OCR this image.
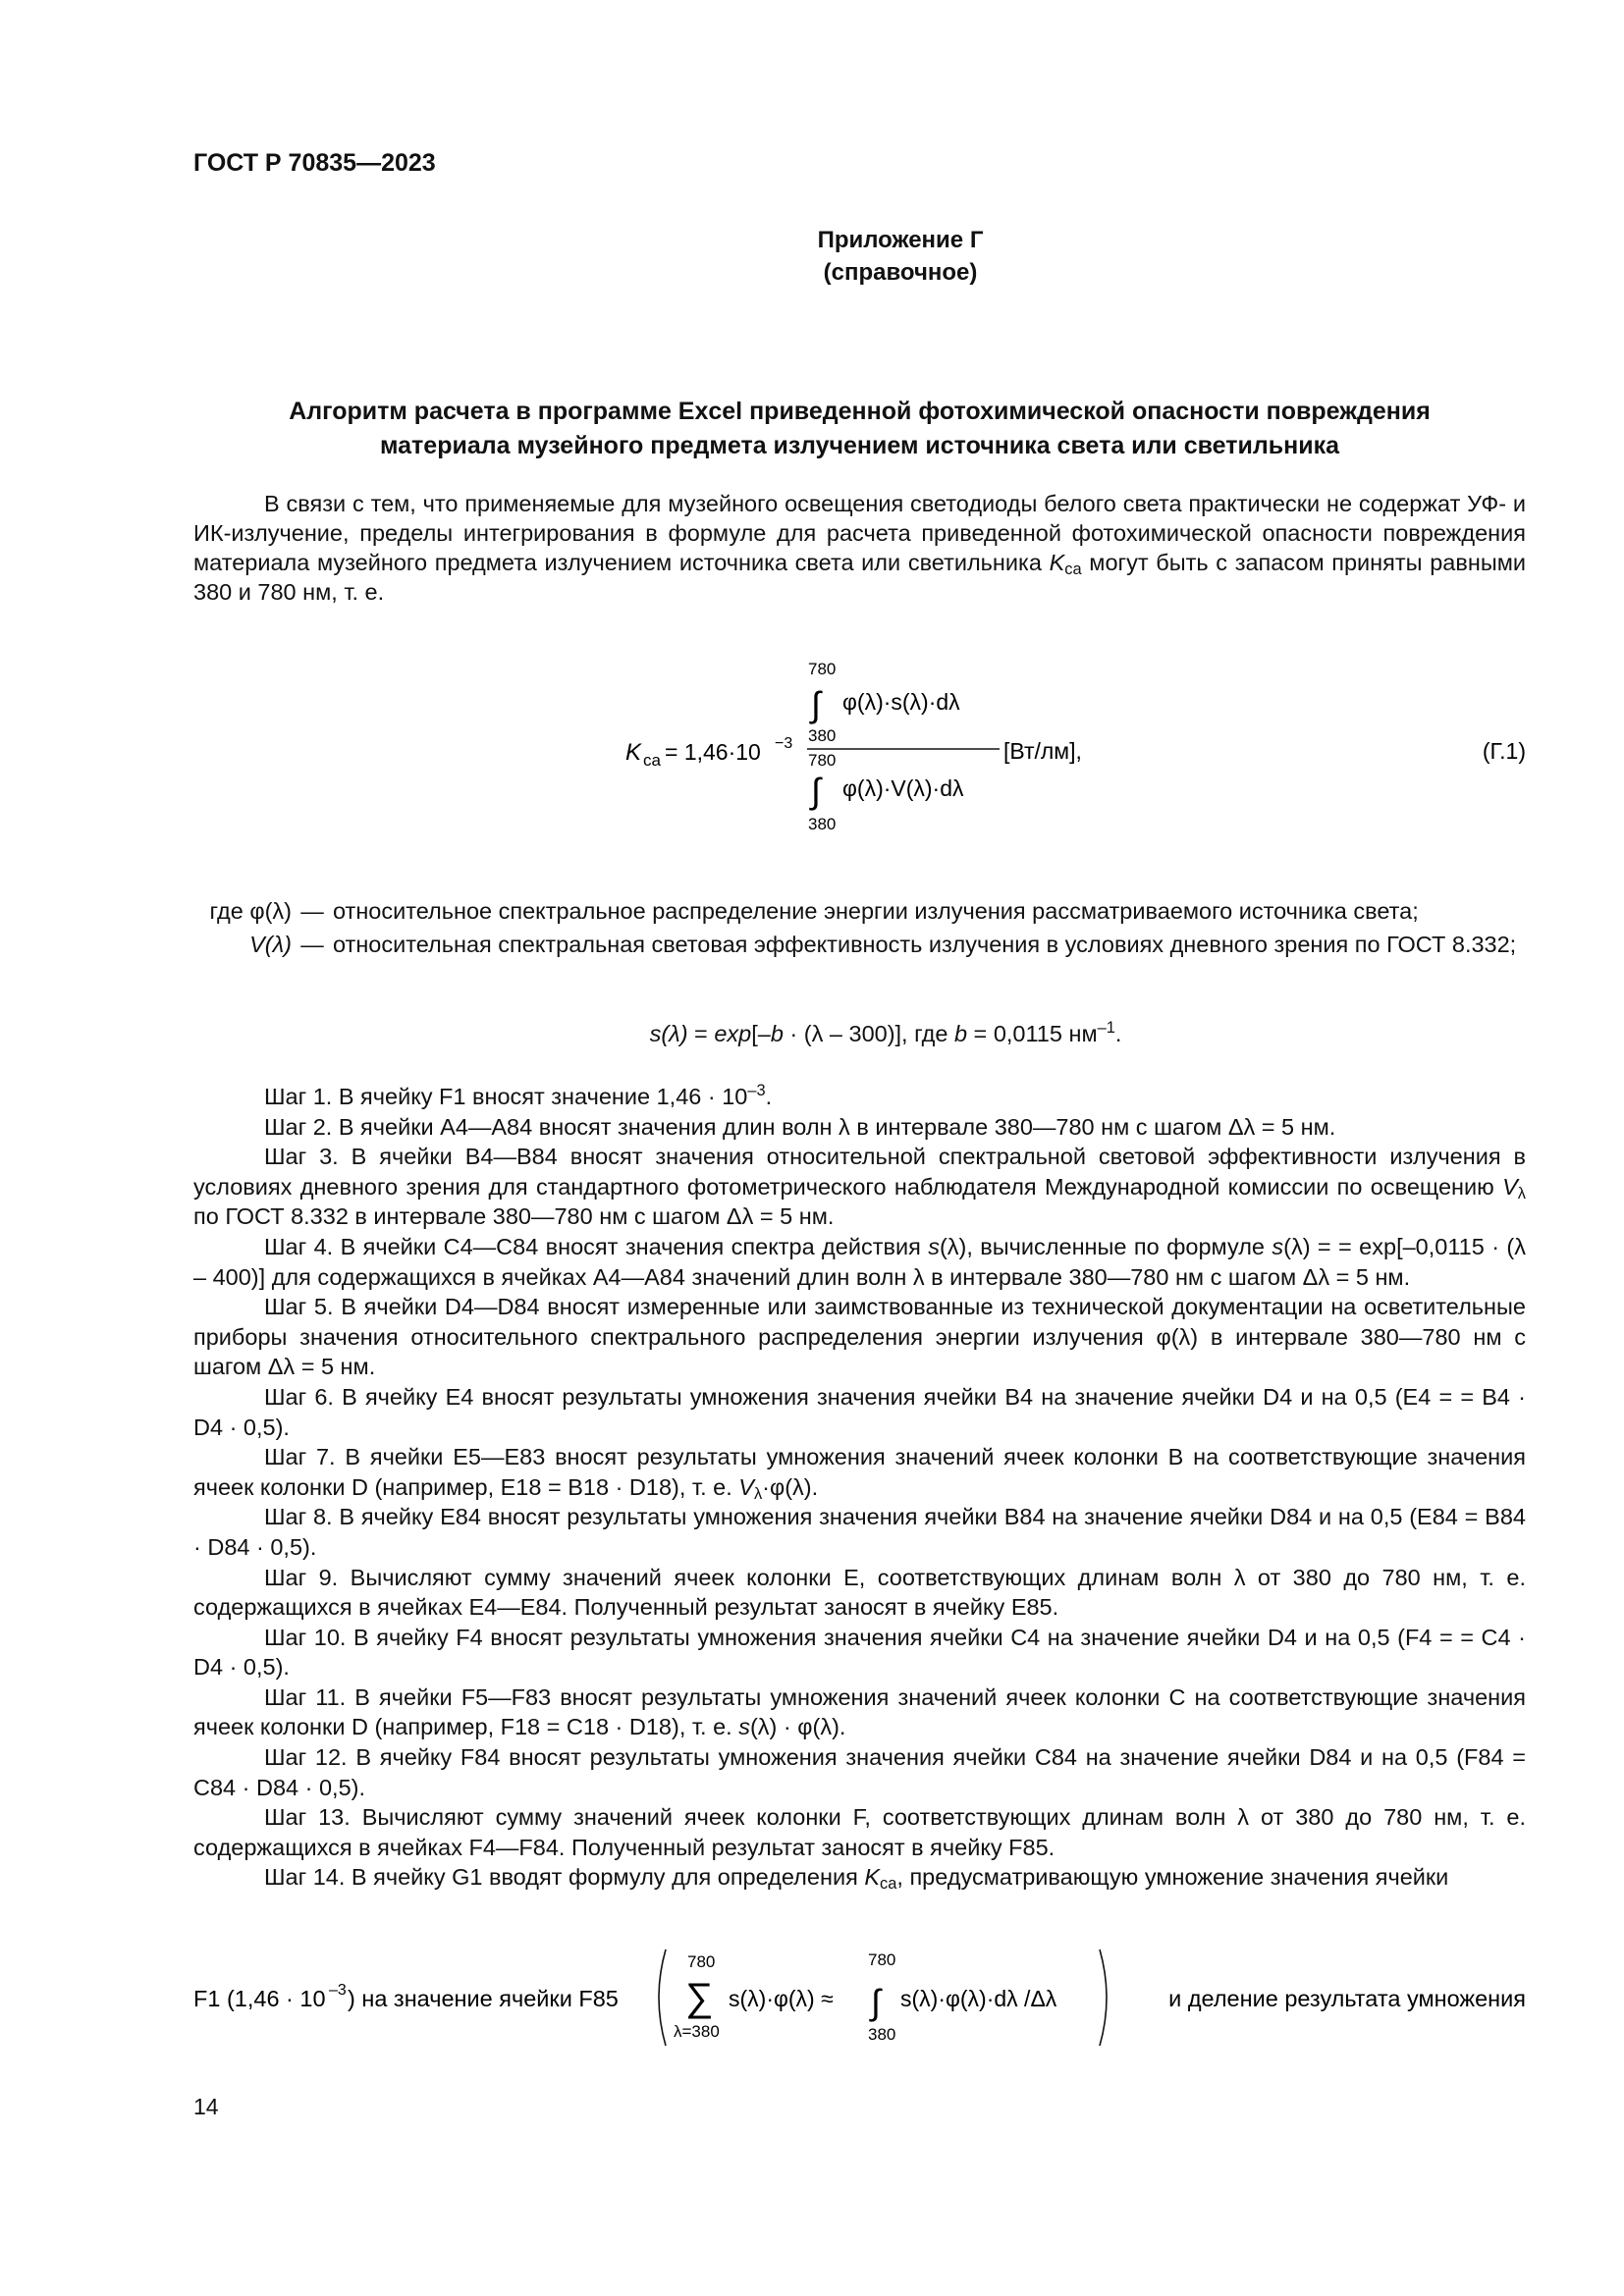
ГОСТ Р 70835—2023
Приложение Г
(справочное)
Алгоритм расчета в программе Excel приведенной фотохимической опасности повреждения
материала музейного предмета излучением источника света или светильника

В связи с тем, что применяемые для музейного освещения светодиоды белого света практически не содержат УФ- и ИК-излучение, пределы интегрирования в формуле для расчета приведенной фотохимической опасности повреждения материала музейного предмета излучением источника света или светильника $K_{ca}$ могут быть с запасом приняты равными 380 и 780 нм, т. е.

K ca = 1,46·10 −3
780
∫
380
φ(λ)·s(λ)·dλ
780
∫
380
φ(λ)·V(λ)·dλ
[Вт/лм],	(Г.1)
где φ(λ) — относительное спектральное распределение энергии излучения рассматриваемого источника света;
V(λ) — относительная спектральная световая эффективность излучения в условиях дневного зрения по ГОСТ 8.332;
s(λ) = exp[–b · (λ – 300)], где b = 0,0115 $нм^{-1}$.

Шаг 1. В ячейку F1 вносят значение $1,46 \cdot 10^{-3}$.

Шаг 2. В ячейки A4—A84 вносят значения длин волн λ в интервале 380—780 нм с шагом Δλ = 5 нм.

Шаг 3. В ячейки B4—B84 вносят значения относительной спектральной световой эффективности излучения в условиях дневного зрения для стандартного фотометрического наблюдателя Международной комиссии по освещению $V_\lambda$ по ГОСТ 8.332 в интервале 380—780 нм с шагом Δλ = 5 нм.

Шаг 4. В ячейки C4—C84 вносят значения спектра действия s(λ), вычисленные по формуле s(λ) = = exp[–0,0115 · (λ – 400)] для содержащихся в ячейках A4—A84 значений длин волн λ в интервале 380—780 нм с шагом Δλ = 5 нм.

Шаг 5. В ячейки D4—D84 вносят измеренные или заимствованные из технической документации на осветительные приборы значения относительного спектрального распределения энергии излучения φ(λ) в интервале 380—780 нм с шагом Δλ = 5 нм.

Шаг 6. В ячейку E4 вносят результаты умножения значения ячейки B4 на значение ячейки D4 и на 0,5 (E4 = = B4 · D4 · 0,5).

Шаг 7. В ячейки E5—E83 вносят результаты умножения значений ячеек колонки B на соответствующие значения ячеек колонки D (например, E18 = B18 · D18), т. е. $V_\lambda\cdot\varphi(\lambda)$.

Шаг 8. В ячейку E84 вносят результаты умножения значения ячейки B84 на значение ячейки D84 и на 0,5 (E84 = B84 · D84 · 0,5).

Шаг 9. Вычисляют сумму значений ячеек колонки E, соответствующих длинам волн λ от 380 до 780 нм, т. е. содержащихся в ячейках E4—E84. Полученный результат заносят в ячейку E85.

Шаг 10. В ячейку F4 вносят результаты умножения значения ячейки C4 на значение ячейки D4 и на 0,5 (F4 = = C4 · D4 · 0,5).

Шаг 11. В ячейки F5—F83 вносят результаты умножения значений ячеек колонки C на соответствующие значения ячеек колонки D (например, F18 = C18 · D18), т. е. s(λ) · φ(λ).

Шаг 12. В ячейку F84 вносят результаты умножения значения ячейки C84 на значение ячейки D84 и на 0,5 (F84 = C84 · D84 · 0,5).

Шаг 13. Вычисляют сумму значений ячеек колонки F, соответствующих длинам волн λ от 380 до 780 нм, т. е. содержащихся в ячейках F4—F84. Полученный результат заносят в ячейку F85.

Шаг 14. В ячейку G1 вводят формулу для определения $K_{ca}$, предусматривающую умножение значения ячейки

F1 (1,46 · 10 –3 ) на значение ячейки F85
780
∑
λ=380
s(λ)·φ(λ) ≈
780
∫
380
s(λ)·φ(λ)·dλ /Δλ	и деление результата умножения
14
